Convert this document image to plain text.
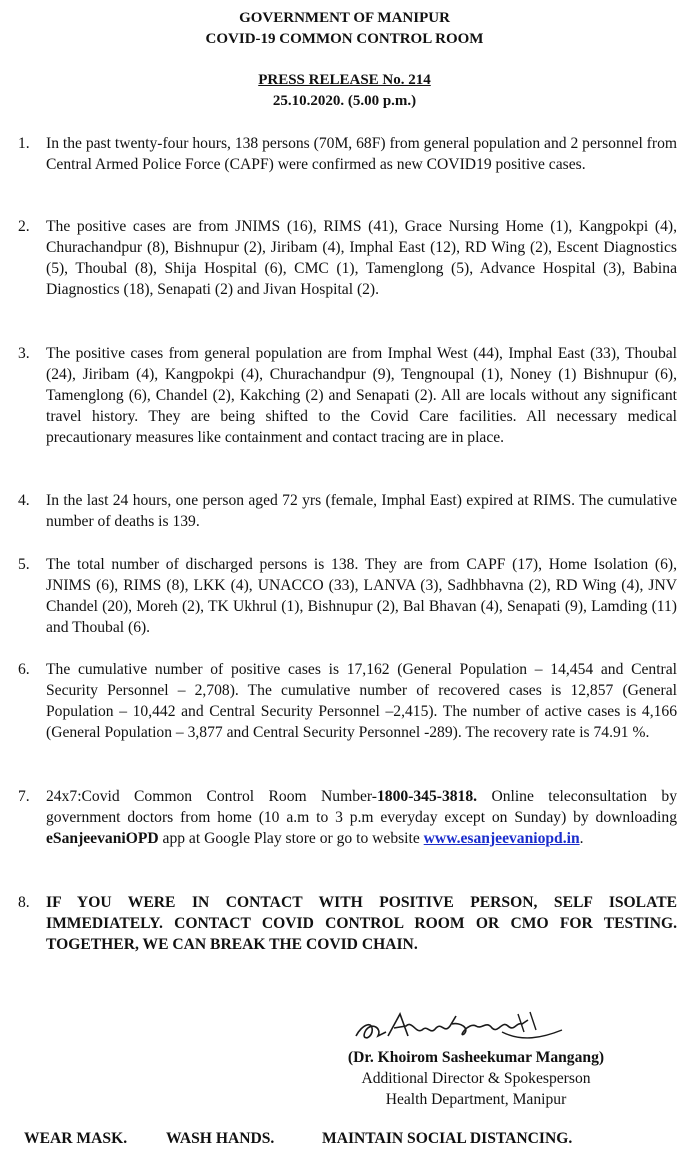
GOVERNMENT OF MANIPUR
COVID-19 COMMON CONTROL ROOM
PRESS RELEASE No. 214
25.10.2020. (5.00 p.m.)
1.	In the past twenty-four hours, 138 persons (70M, 68F) from general population and 2 personnel from Central Armed Police Force (CAPF) were confirmed as new COVID19 positive cases.
2.	The positive cases are from JNIMS (16), RIMS (41), Grace Nursing Home (1), Kangpokpi (4), Churachandpur (8), Bishnupur (2), Jiribam (4), Imphal East (12), RD Wing (2), Escent Diagnostics (5), Thoubal (8), Shija Hospital (6), CMC (1), Tamenglong (5), Advance Hospital (3), Babina Diagnostics (18), Senapati (2) and Jivan Hospital (2).
3.	The positive cases from general population are from Imphal West (44), Imphal East (33), Thoubal (24), Jiribam (4), Kangpokpi (4), Churachandpur (9), Tengnoupal (1), Noney (1) Bishnupur (6), Tamenglong (6), Chandel (2), Kakching (2) and Senapati (2). All are locals without any significant travel history. They are being shifted to the Covid Care facilities. All necessary medical precautionary measures like containment and contact tracing are in place.
4.	In the last 24 hours, one person aged 72 yrs (female, Imphal East) expired at RIMS. The cumulative number of deaths is 139.
5.	The total number of discharged persons is 138. They are from CAPF (17), Home Isolation (6), JNIMS (6), RIMS (8), LKK (4), UNACCO (33), LANVA (3), Sadhbhavna (2), RD Wing (4), JNV Chandel (20), Moreh (2), TK Ukhrul (1), Bishnupur (2), Bal Bhavan (4), Senapati (9), Lamding (11) and Thoubal (6).
6.	The cumulative number of positive cases is 17,162 (General Population – 14,454 and Central Security Personnel – 2,708). The cumulative number of recovered cases is 12,857 (General Population – 10,442 and Central Security Personnel –2,415). The number of active cases is 4,166 (General Population – 3,877 and Central Security Personnel -289). The recovery rate is 74.91 %.
7.	24x7:Covid Common Control Room Number-1800-345-3818. Online teleconsultation by government doctors from home (10 a.m to 3 p.m everyday except on Sunday) by downloading eSanjeevaniOPD app at Google Play store or go to website www.esanjeevaniopd.in.
8.	IF YOU WERE IN CONTACT WITH POSITIVE PERSON, SELF ISOLATE IMMEDIATELY. CONTACT COVID CONTROL ROOM OR CMO FOR TESTING. TOGETHER, WE CAN BREAK THE COVID CHAIN.
(Dr. Khoirom Sasheekumar Mangang)
Additional Director & Spokesperson
Health Department, Manipur
WEAR MASK. WASH HANDS.	MAINTAIN SOCIAL DISTANCING.
